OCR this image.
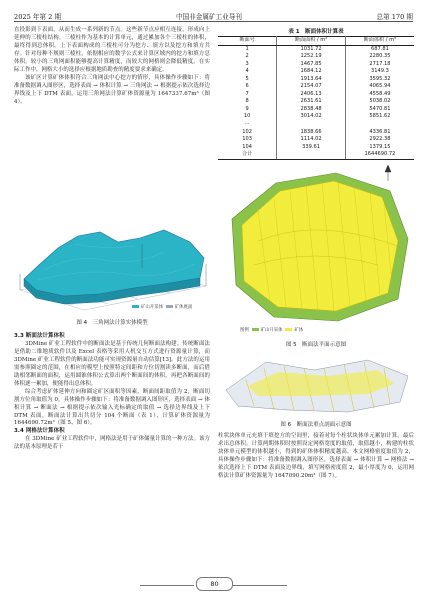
2025 年第 2 期	中国非金属矿工业导刊	总第 170 期

直投影到下表面，从而生成一系列新的节点。这些新节点应相互连接，形成向上延伸的三棱柱结构。三棱柱作为基本的计算单元，通过累加各个三棱柱的体积，最终得到总体积。上下表面构成的三棱柱可分为挖方、填方以及挖方和填方共存。针对每种不规则三棱柱，依据相应的数学公式来计算区域内的挖方和填方总体积。较小的三角网面积能够提高计算精度，而较大的网格则会降低精度。在实际工作中，网格大小的选择应根据地质勘查的精度要求来确定。

该矿区计算矿体体积符合三角网法中心挖方的情形，具体操作步骤如下：将准备数据调入图形区，选择表面 → 体积计算 → 三角网法 → 根据提示依次选择边界线及上下 DTM 表面，运用三角网法计算矿体资源量为 1647337.67m³（图 4）。

矿山开采体	矿体底面
图 4　三角网法计算实体模型

3.3 断面法计算体积

3DMine 矿业工程软件中的断面法是基于传统几何断面法构建。传统断面法是借助二维地质软件以及 Excel 表格等采用人机交互方式进行资源量计算，而 3DMine 矿业工程软件的断面法功能可实现资源量自动估算[13]。此方法的运用需参照圈定的范围，在相应的模型上按照特定间距和方位切割读多断面，而后借助相邻断面的面积，运用圆锥体积公式算出两个断面间的体积，再把各断面间的体积逐一累加，便能得出总体积。

综合考虑矿体延伸方向和圈定矿区面积等因素，断面间距取值为 2，断面切割方位角取值为 0，具体操作步骤如下：将准备数据调入图形区，选择表面 → 体积计算 → 断面法 → 根据提示依次输入光标确定的取值 → 选择边界线及上下 DTM 表面，断面法计算出共切分 104 个断面（表 1），计算矿体资源量为 1644690.72m³（图 5、图 6）。

3.4 网格法计算体积

在 3DMine 矿业工程软件中，网格法是用于矿体储量计算的一种方法。该方法的基本原理是若干

表 1　断面体积计算表
断面号	断面面积 / m²	断面体积 / m³
1	1031.72	687.81
2	1252.19	2280.35
3	1467.85	2717.18
4	1684.12	3149.3
5	1913.64	3595.32
6	2154.07	4065.94
7	2406.13	4558.49
8	2631.61	5038.02
9	2838.48	5470.81
10	3014.02	5851.62
⋯		
102	1838.66	4336.81
103	1114.02	2922.38
104	339.61	1379.15
合计		1644690.72
图例	矿山开采体	矿体
图 5　断面法平面示意图
图 6　断面法重点剖面示意图

柱状块体单元充填于填挖方的空间里，接着对每个柱状块体单元累加计算，最后求出总体积。计算两期体积时按照设定网格宽度的取值，取值越小，构建的柱状块体单元模型的体积越小，得到的矿体体积精度越高。本文网格密度取值为 2，具体操作步骤如下：将准备数据调入图形区，选择表面 → 体积计算 → 网格法 → 依次选择上下 DTM 表面及边界线，填写网格密度值 2，最小厚度为 0，运用网格法计算矿体资源量为 1647090.20m³（图 7）。

80
